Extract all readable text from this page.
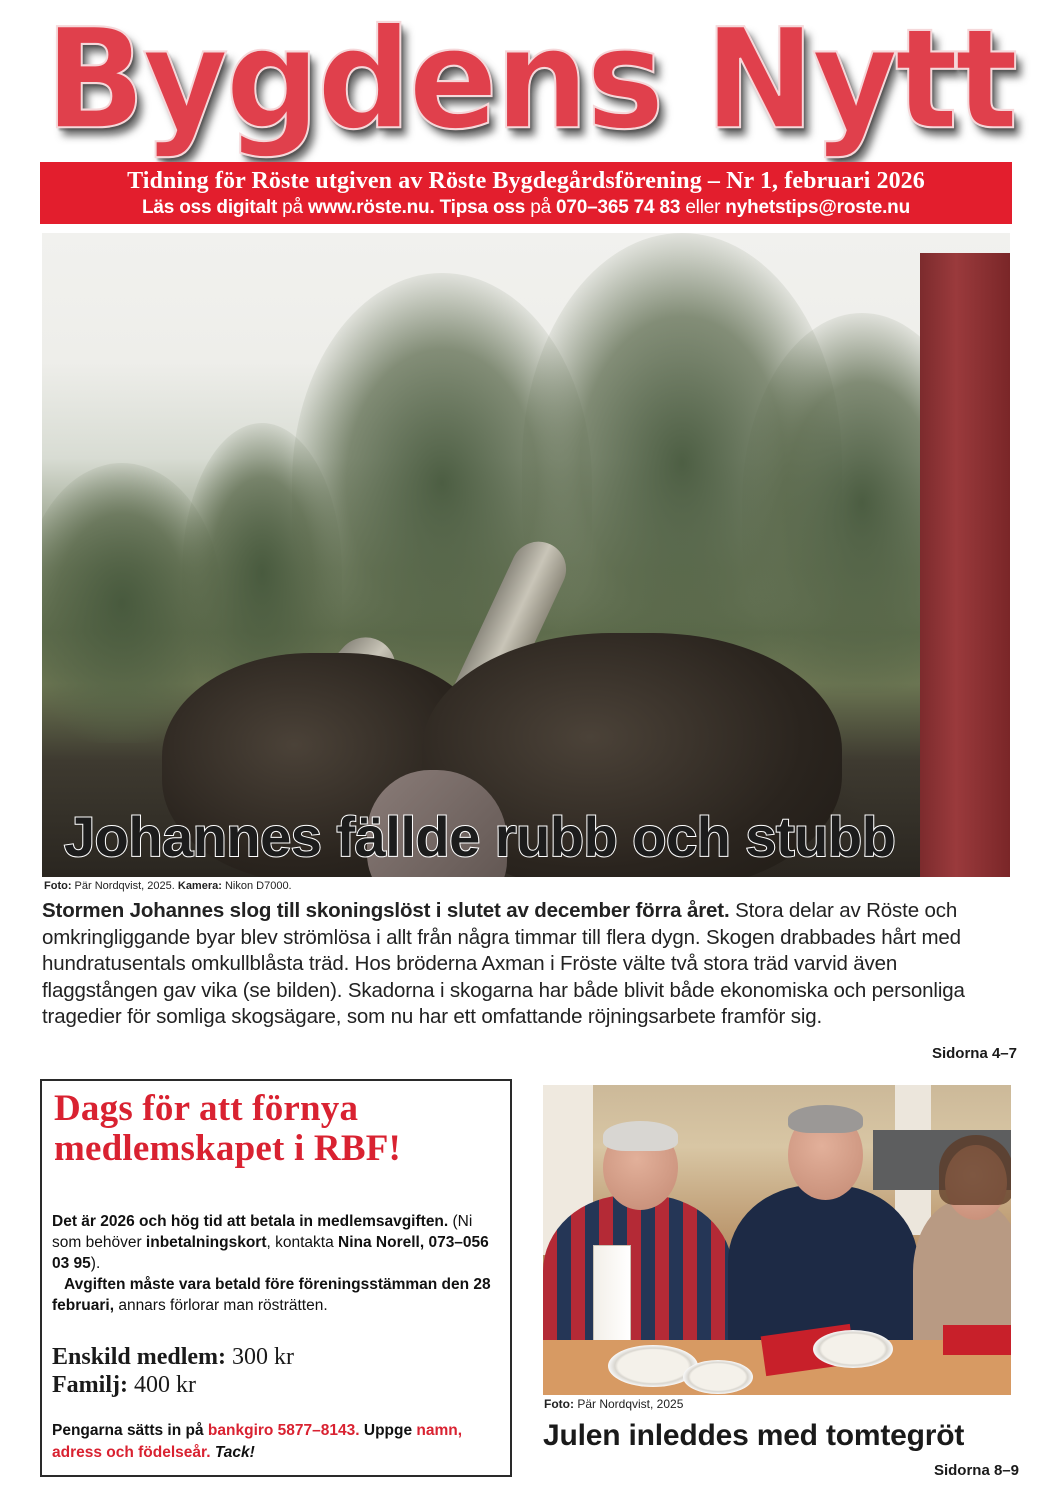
Bygdens Nytt
Tidning för Röste utgiven av Röste Bygdegårdsförening – Nr 1, februari 2026
Läs oss digitalt på www.röste.nu. Tipsa oss på 070–365 74 83 eller nyhetstips@roste.nu
Johannes fällde rubb och stubb
Foto: Pär Nordqvist, 2025. Kamera: Nikon D7000.
Stormen Johannes slog till skoningslöst i slutet av december förra året. Stora delar av Röste och omkringliggande byar blev strömlösa i allt från några timmar till flera dygn. Skogen drabbades hårt med hundratusentals omkullblåsta träd. Hos bröderna Axman i Fröste välte två stora träd varvid även flaggstången gav vika (se bilden). Skadorna i skogarna har både blivit både ekonomiska och personliga tragedier för somliga skogsägare, som nu har ett omfattande röjningsarbete framför sig.
Sidorna 4–7
Dags för att förnya
medlemskapet i RBF!
Det är 2026 och hög tid att betala in medlemsavgiften. (Ni som behöver inbetalningskort, kontakta Nina Norell, 073–056 03 95).
Avgiften måste vara betald före föreningsstämman den 28 februari, annars förlorar man rösträtten.
Enskild medlem: 300 kr
Familj: 400 kr
Pengarna sätts in på bankgiro 5877–8143. Uppge namn, adress och födelseår. Tack!
Foto: Pär Nordqvist, 2025
Julen inleddes med tomtegröt
Sidorna 8–9
